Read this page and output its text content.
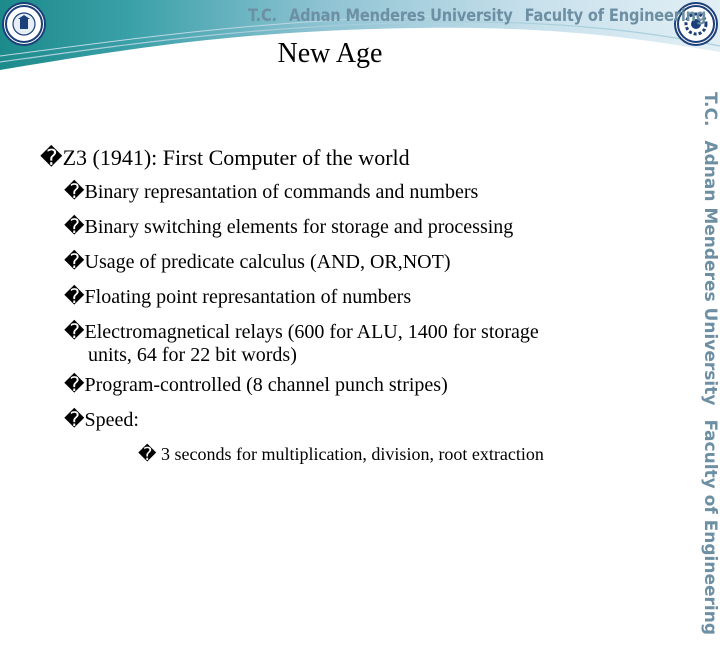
T.C. Adnan Menderes University Faculty of Engineering
New Age
T.C.Adnan Menderes UniversityFaculty of Engineering
�Z3 (1941): First Computer of the world
�Binary represantation of commands and numbers
�Binary switching elements for storage and processing
�Usage of predicate calculus (AND, OR,NOT)
�Floating point represantation of numbers
�Electromagnetical relays (600 for ALU, 1400 for storage
units, 64 for 22 bit words)
�Program-controlled (8 channel punch stripes)
�Speed:
� 3 seconds for multiplication, division, root extraction
